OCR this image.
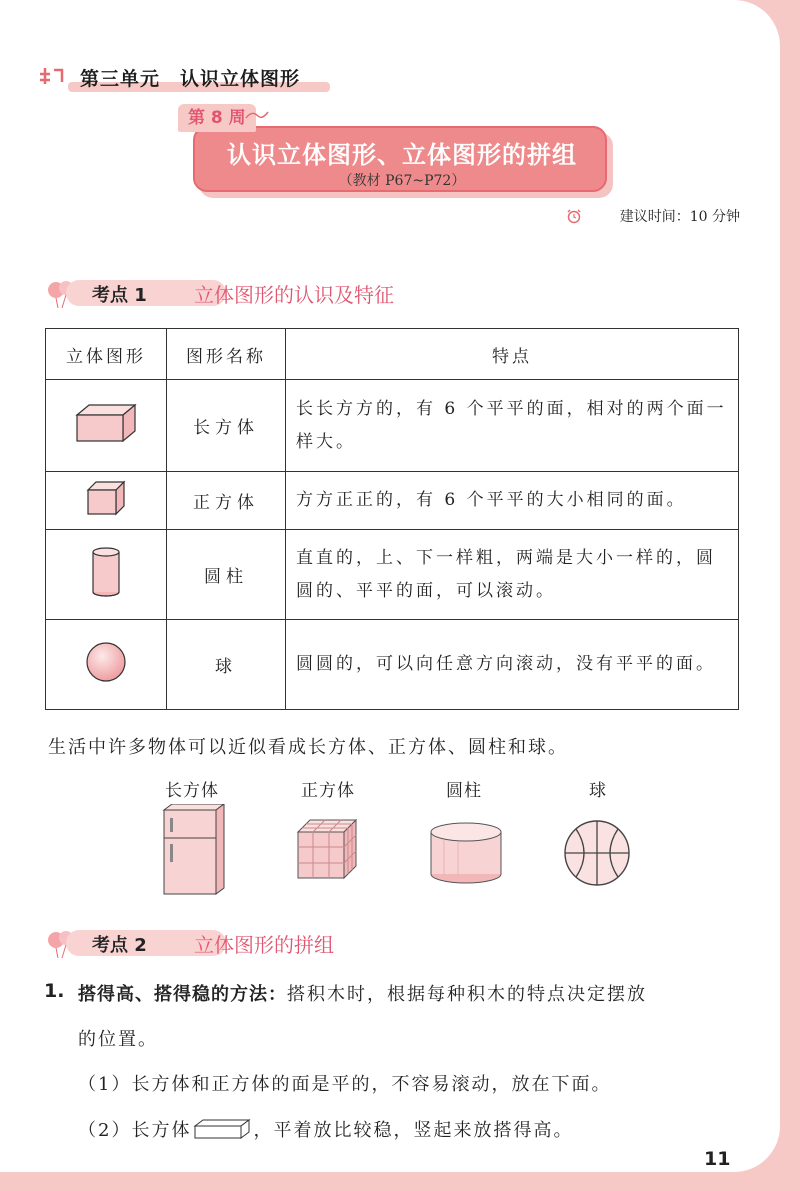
第三单元　认识立体图形
认识立体图形、立体图形的拼组
（教材 P67~P72）
第 8 周
建议时间：10 分钟
考点 1 立体图形的认识及特征
立体图形	图形名称	特点
	长方体	长长方方的，有 6 个平平的面，相对的两个面一样大。
	正方体	方方正正的，有 6 个平平的大小相同的面。
	圆柱	直直的，上、下一样粗，两端是大小一样的，圆圆的、平平的面，可以滚动。
	球	圆圆的，可以向任意方向滚动，没有平平的面。
生活中许多物体可以近似看成长方体、正方体、圆柱和球。
长方体	正方体	圆柱	球
考点 2 立体图形的拼组
1. 搭得高、搭得稳的方法：搭积木时，根据每种积木的特点决定摆放
的位置。
（1）长方体和正方体的面是平的，不容易滚动，放在下面。
（2）长方体	，平着放比较稳，竖起来放搭得高。
11
